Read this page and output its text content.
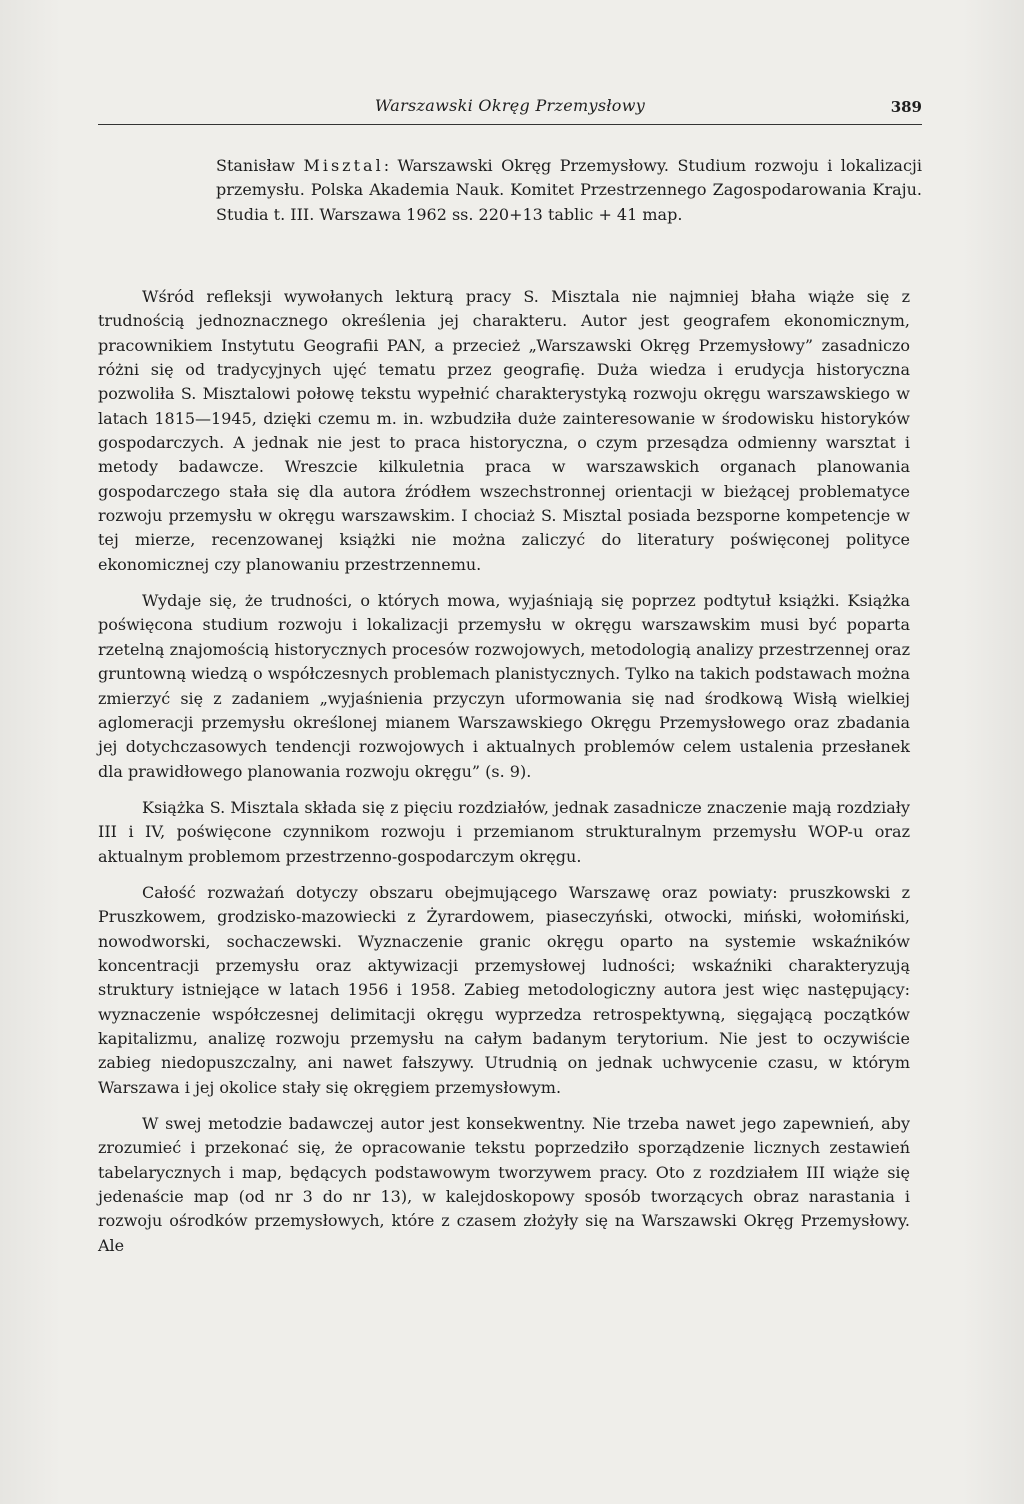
Warszawski Okręg Przemysłowy	389
Stanisław Misztal: Warszawski Okręg Przemysłowy. Studium rozwoju i lokalizacji przemysłu. Polska Akademia Nauk. Komitet Przestrzennego Zagospodarowania Kraju. Studia t. III. Warszawa 1962 ss. 220+13 tablic + 41 map.

Wśród refleksji wywołanych lekturą pracy S. Misztala nie najmniej błaha wiąże się z trudnością jednoznacznego określenia jej charakteru. Autor jest geografem ekonomicznym, pracownikiem Instytutu Geografii PAN, a przecież „Warszawski Okręg Przemysłowy” zasadniczo różni się od tradycyjnych ujęć tematu przez geografię. Duża wiedza i erudycja historyczna pozwoliła S. Misztalowi połowę tekstu wypełnić charakterystyką rozwoju okręgu warszawskiego w latach 1815—1945, dzięki czemu m. in. wzbudziła duże zainteresowanie w środowisku historyków gospodarczych. A jednak nie jest to praca historyczna, o czym przesądza odmienny warsztat i metody badawcze. Wreszcie kilkuletnia praca w warszawskich organach planowania gospodarczego stała się dla autora źródłem wszechstronnej orientacji w bieżącej problematyce rozwoju przemysłu w okręgu warszawskim. I chociaż S. Misztal posiada bezsporne kompetencje w tej mierze, recenzowanej książki nie można zaliczyć do literatury poświęconej polityce ekonomicznej czy planowaniu przestrzennemu.

Wydaje się, że trudności, o których mowa, wyjaśniają się poprzez podtytuł książki. Książka poświęcona studium rozwoju i lokalizacji przemysłu w okręgu warszawskim musi być poparta rzetelną znajomością historycznych procesów rozwojowych, metodologią analizy przestrzennej oraz gruntowną wiedzą o współczesnych problemach planistycznych. Tylko na takich podstawach można zmierzyć się z zadaniem „wyjaśnienia przyczyn uformowania się nad środkową Wisłą wielkiej aglomeracji przemysłu określonej mianem Warszawskiego Okręgu Przemysłowego oraz zbadania jej dotychczasowych tendencji rozwojowych i aktualnych problemów celem ustalenia przesłanek dla prawidłowego planowania rozwoju okręgu” (s. 9).

Książka S. Misztala składa się z pięciu rozdziałów, jednak zasadnicze znaczenie mają rozdziały III i IV, poświęcone czynnikom rozwoju i przemianom strukturalnym przemysłu WOP-u oraz aktualnym problemom przestrzenno-gospodarczym okręgu.

Całość rozważań dotyczy obszaru obejmującego Warszawę oraz powiaty: pruszkowski z Pruszkowem, grodzisko-mazowiecki z Żyrardowem, piaseczyński, otwocki, miński, wołomiński, nowodworski, sochaczewski. Wyznaczenie granic okręgu oparto na systemie wskaźników koncentracji przemysłu oraz aktywizacji przemysłowej ludności; wskaźniki charakteryzują struktury istniejące w latach 1956 i 1958. Zabieg metodologiczny autora jest więc następujący: wyznaczenie współczesnej delimitacji okręgu wyprzedza retrospektywną, sięgającą początków kapitalizmu, analizę rozwoju przemysłu na całym badanym terytorium. Nie jest to oczywiście zabieg niedopuszczalny, ani nawet fałszywy. Utrudnią on jednak uchwycenie czasu, w którym Warszawa i jej okolice stały się okręgiem przemysłowym.

W swej metodzie badawczej autor jest konsekwentny. Nie trzeba nawet jego zapewnień, aby zrozumieć i przekonać się, że opracowanie tekstu poprzedziło sporządzenie licznych zestawień tabelarycznych i map, będących podstawowym tworzywem pracy. Oto z rozdziałem III wiąże się jedenaście map (od nr 3 do nr 13), w kalejdoskopowy sposób tworzących obraz narastania i rozwoju ośrodków przemysłowych, które z czasem złożyły się na Warszawski Okręg Przemysłowy. Ale
